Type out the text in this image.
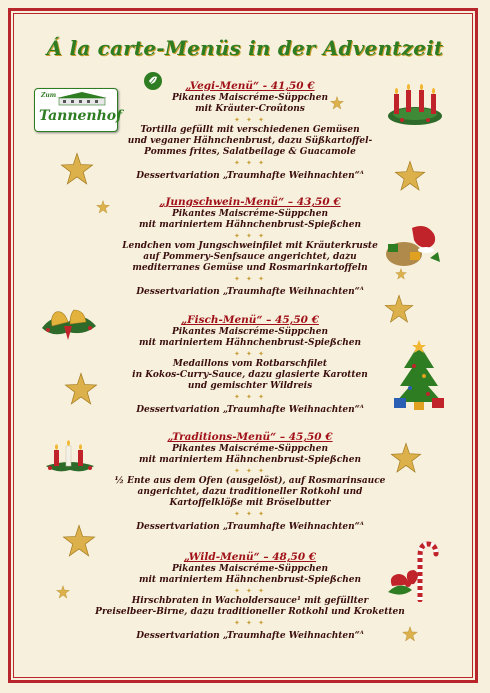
Á la carte-Menüs in der Adventzeit
Zum
Tannenhof
„Vegi-Menü“ - 41,50 €
Pikantes Maiscréme-Süppchen
mit Kräuter-Croûtons
✦ ✦ ✦
Tortilla gefüllt mit verschiedenen Gemüsen
und veganer Hähnchenbrust, dazu Süßkartoffel-
Pommes frites, Salatbeilage & Guacamole
✦ ✦ ✦
Dessertvariation „Traumhafte Weihnachten“$^A$
„Jungschwein-Menü“ – 43,50 €
Pikantes Maiscréme-Süppchen
mit mariniertem Hähnchenbrust-Spießchen
✦ ✦ ✦
Lendchen vom Jungschweinfilet mit Kräuterkruste
auf Pommery-Senfsauce angerichtet, dazu
mediterranes Gemüse und Rosmarinkartoffeln
✦ ✦ ✦
Dessertvariation „Traumhafte Weihnachten“$^A$
„Fisch-Menü“ – 45,50 €
Pikantes Maiscréme-Süppchen
mit mariniertem Hähnchenbrust-Spießchen
✦ ✦ ✦
Medaillons vom Rotbarschfilet
in Kokos-Curry-Sauce, dazu glasierte Karotten
und gemischter Wildreis
✦ ✦ ✦
Dessertvariation „Traumhafte Weihnachten“$^A$
„Traditions-Menü“ – 45,50 €
Pikantes Maiscréme-Süppchen
mit mariniertem Hähnchenbrust-Spießchen
✦ ✦ ✦
½ Ente aus dem Ofen (ausgelöst), auf Rosmarinsauce
angerichtet, dazu traditioneller Rotkohl und
Kartoffelklöße mit Bröselbutter
✦ ✦ ✦
Dessertvariation „Traumhafte Weihnachten“$^A$
„Wild-Menü“ – 48,50 €
Pikantes Maiscréme-Süppchen
mit mariniertem Hähnchenbrust-Spießchen
✦ ✦ ✦
Hirschbraten in Wacholdersauce¹ mit gefüllter
Preiselbeer-Birne, dazu traditioneller Rotkohl und Kroketten
✦ ✦ ✦
Dessertvariation „Traumhafte Weihnachten“$^A$
